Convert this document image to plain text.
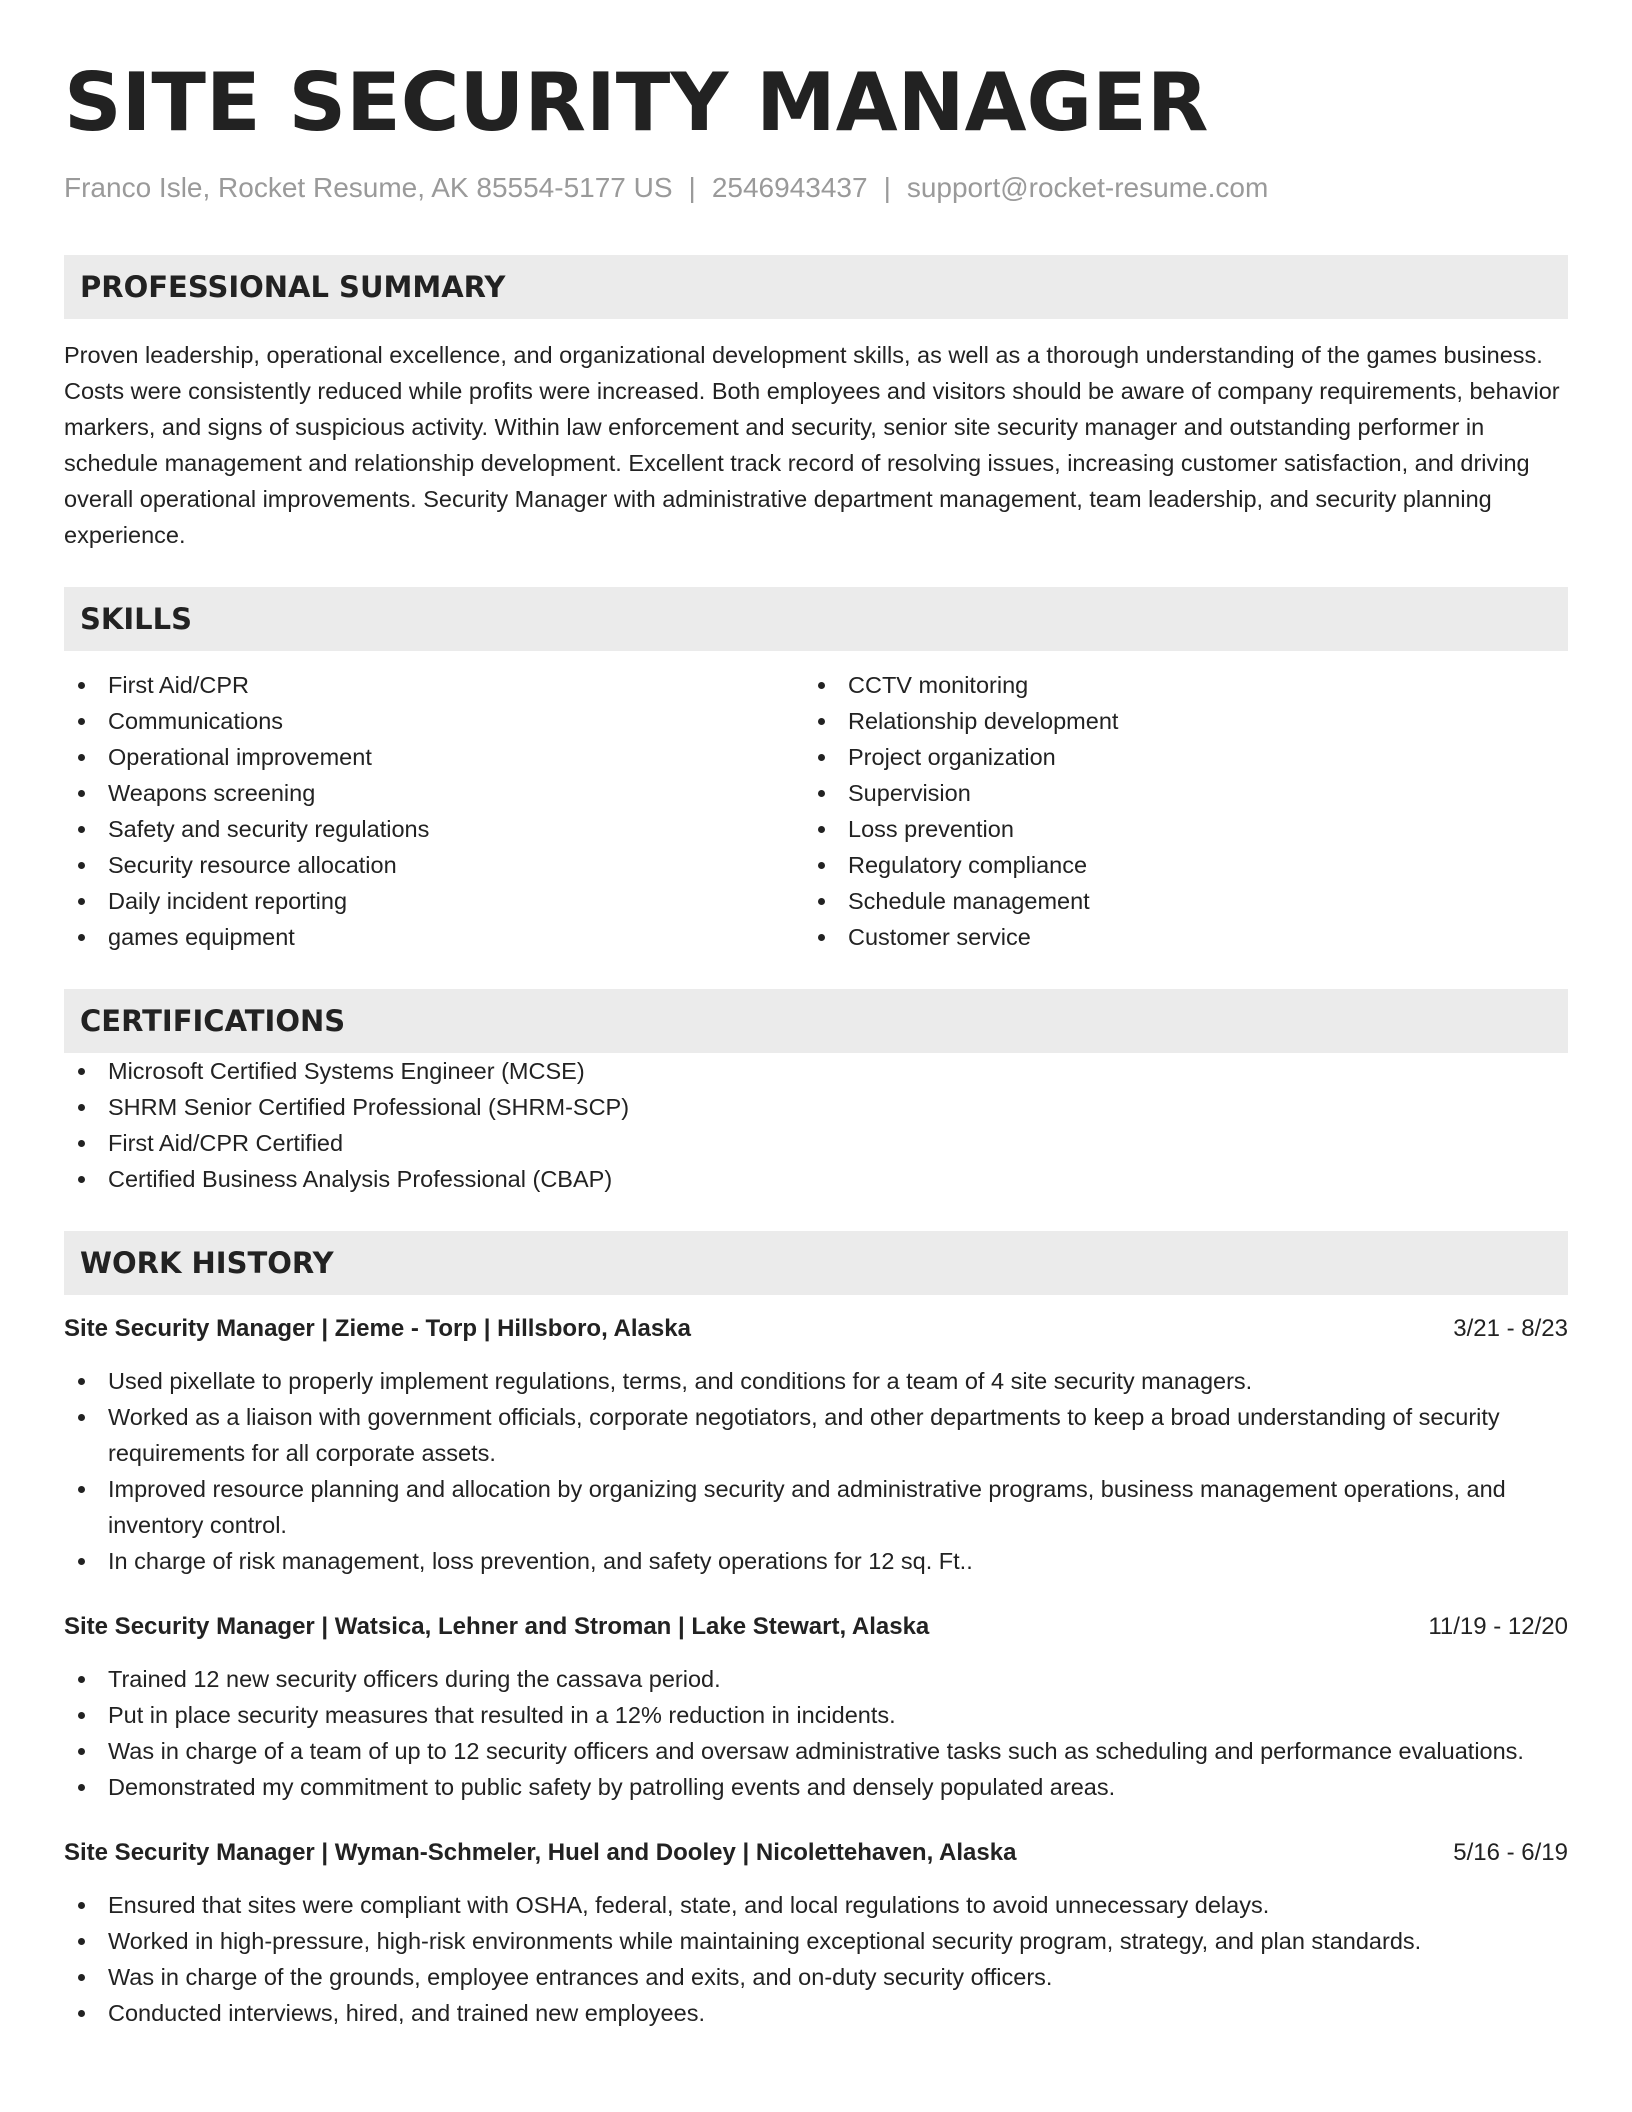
SITE SECURITY MANAGER
Franco Isle, Rocket Resume, AK 85554-5177 US | 2546943437 | support@rocket-resume.com
PROFESSIONAL SUMMARY
Proven leadership, operational excellence, and organizational development skills, as well as a thorough understanding of the games business. Costs were consistently reduced while profits were increased. Both employees and visitors should be aware of company requirements, behavior markers, and signs of suspicious activity. Within law enforcement and security, senior site security manager and outstanding performer in schedule management and relationship development. Excellent track record of resolving issues, increasing customer satisfaction, and driving overall operational improvements. Security Manager with administrative department management, team leadership, and security planning experience.
SKILLS
First Aid/CPR
Communications
Operational improvement
Weapons screening
Safety and security regulations
Security resource allocation
Daily incident reporting
games equipment
CCTV monitoring
Relationship development
Project organization
Supervision
Loss prevention
Regulatory compliance
Schedule management
Customer service
CERTIFICATIONS
Microsoft Certified Systems Engineer (MCSE)
SHRM Senior Certified Professional (SHRM-SCP)
First Aid/CPR Certified
Certified Business Analysis Professional (CBAP)
WORK HISTORY
Site Security Manager | Zieme - Torp | Hillsboro, Alaska	3/21 - 8/23
Used pixellate to properly implement regulations, terms, and conditions for a team of 4 site security managers.
Worked as a liaison with government officials, corporate negotiators, and other departments to keep a broad understanding of security requirements for all corporate assets.
Improved resource planning and allocation by organizing security and administrative programs, business management operations, and inventory control.
In charge of risk management, loss prevention, and safety operations for 12 sq. Ft..
Site Security Manager | Watsica, Lehner and Stroman | Lake Stewart, Alaska	11/19 - 12/20
Trained 12 new security officers during the cassava period.
Put in place security measures that resulted in a 12% reduction in incidents.
Was in charge of a team of up to 12 security officers and oversaw administrative tasks such as scheduling and performance evaluations.
Demonstrated my commitment to public safety by patrolling events and densely populated areas.
Site Security Manager | Wyman-Schmeler, Huel and Dooley | Nicolettehaven, Alaska	5/16 - 6/19
Ensured that sites were compliant with OSHA, federal, state, and local regulations to avoid unnecessary delays.
Worked in high-pressure, high-risk environments while maintaining exceptional security program, strategy, and plan standards.
Was in charge of the grounds, employee entrances and exits, and on-duty security officers.
Conducted interviews, hired, and trained new employees.
